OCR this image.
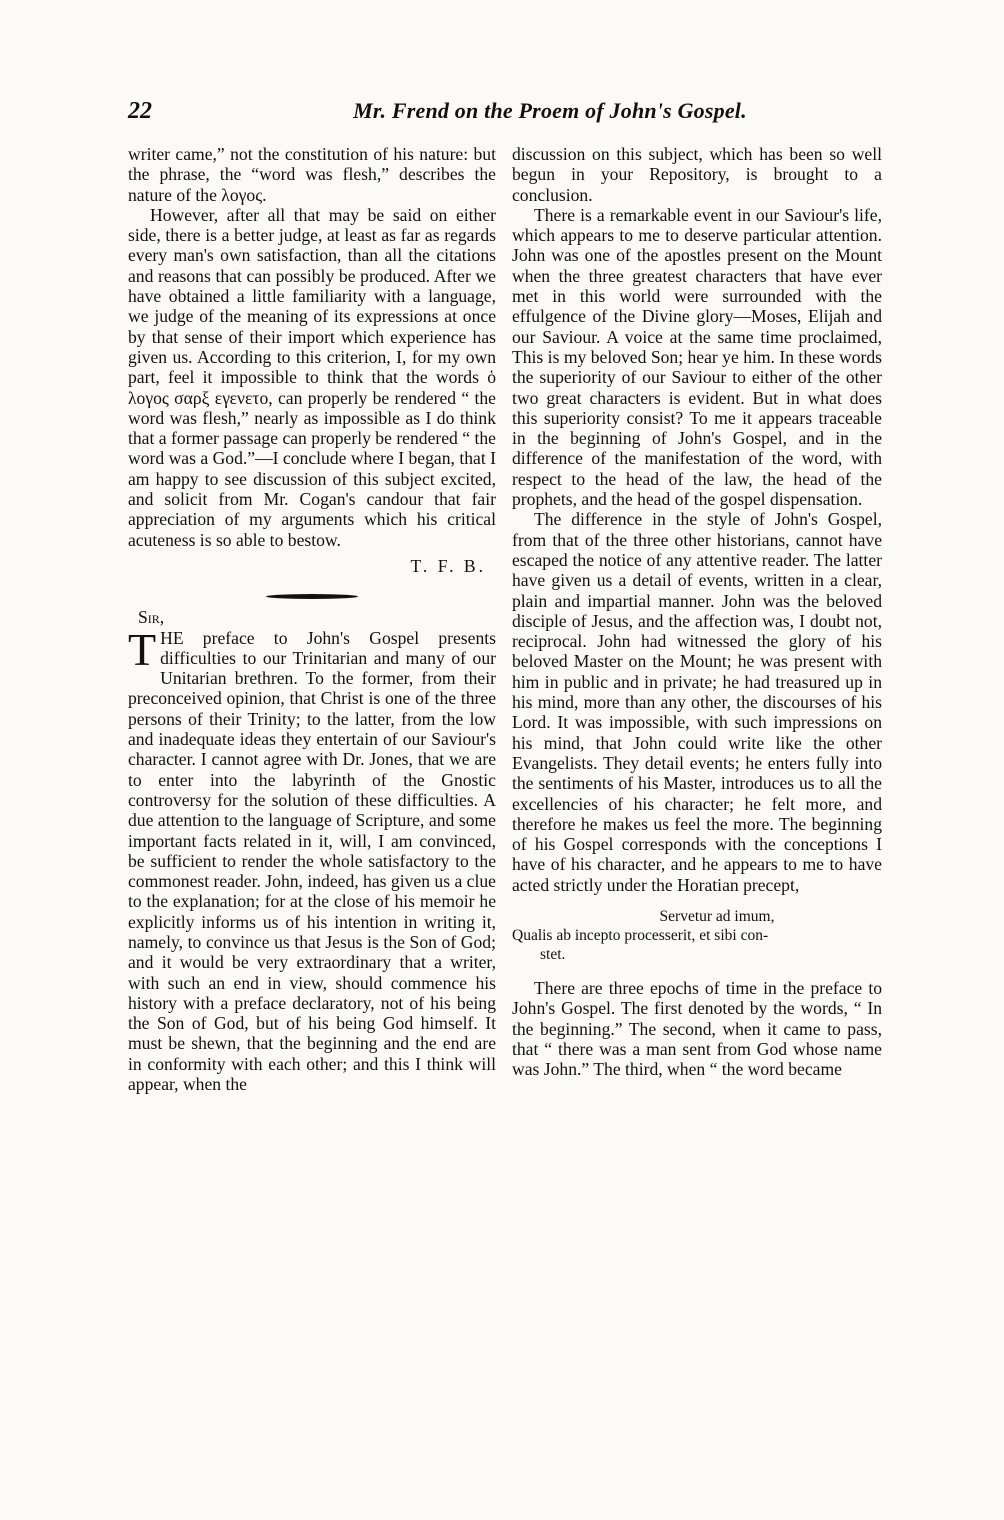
22	Mr. Frend on the Proem of John's Gospel.

writer came,” not the constitution of his nature: but the phrase, the “word was flesh,” describes the nature of the λογος.

However, after all that may be said on either side, there is a better judge, at least as far as regards every man's own satisfaction, than all the citations and reasons that can possibly be produced. After we have obtained a little familiarity with a language, we judge of the meaning of its expressions at once by that sense of their import which experience has given us. According to this criterion, I, for my own part, feel it impossible to think that the words ὁ λογος σαρξ εγενετο, can properly be rendered “ the word was flesh,” nearly as impossible as I do think that a former passage can properly be rendered “ the word was a God.”—I conclude where I began, that I am happy to see discussion of this subject excited, and solicit from Mr. Cogan's candour that fair appreciation of my arguments which his critical acuteness is so able to bestow.

T. F. B.

Sir,

THE preface to John's Gospel presents difficulties to our Trinitarian and many of our Unitarian brethren. To the former, from their preconceived opinion, that Christ is one of the three persons of their Trinity; to the latter, from the low and inadequate ideas they entertain of our Saviour's character. I cannot agree with Dr. Jones, that we are to enter into the labyrinth of the Gnostic controversy for the solution of these difficulties. A due attention to the language of Scripture, and some important facts related in it, will, I am convinced, be sufficient to render the whole satisfactory to the commonest reader. John, indeed, has given us a clue to the explanation; for at the close of his memoir he explicitly informs us of his intention in writing it, namely, to convince us that Jesus is the Son of God; and it would be very extraordinary that a writer, with such an end in view, should commence his history with a preface declaratory, not of his being the Son of God, but of his being God himself. It must be shewn, that the beginning and the end are in conformity with each other; and this I think will appear, when the

discussion on this subject, which has been so well begun in your Repository, is brought to a conclusion.

There is a remarkable event in our Saviour's life, which appears to me to deserve particular attention. John was one of the apostles present on the Mount when the three greatest characters that have ever met in this world were surrounded with the effulgence of the Divine glory—Moses, Elijah and our Saviour. A voice at the same time proclaimed, This is my beloved Son; hear ye him. In these words the superiority of our Saviour to either of the other two great characters is evident. But in what does this superiority consist? To me it appears traceable in the beginning of John's Gospel, and in the difference of the manifestation of the word, with respect to the head of the law, the head of the prophets, and the head of the gospel dispensation.

The difference in the style of John's Gospel, from that of the three other historians, cannot have escaped the notice of any attentive reader. The latter have given us a detail of events, written in a clear, plain and impartial manner. John was the beloved disciple of Jesus, and the affection was, I doubt not, reciprocal. John had witnessed the glory of his beloved Master on the Mount; he was present with him in public and in private; he had treasured up in his mind, more than any other, the discourses of his Lord. It was impossible, with such impressions on his mind, that John could write like the other Evangelists. They detail events; he enters fully into the sentiments of his Master, introduces us to all the excellencies of his character; he felt more, and therefore he makes us feel the more. The beginning of his Gospel corresponds with the conceptions I have of his character, and he appears to me to have acted strictly under the Horatian precept,

Servetur ad imum,
Qualis ab incepto processerit, et sibi con-
stet.

There are three epochs of time in the preface to John's Gospel. The first denoted by the words, “ In the beginning.” The second, when it came to pass, that “ there was a man sent from God whose name was John.” The third, when “ the word became
